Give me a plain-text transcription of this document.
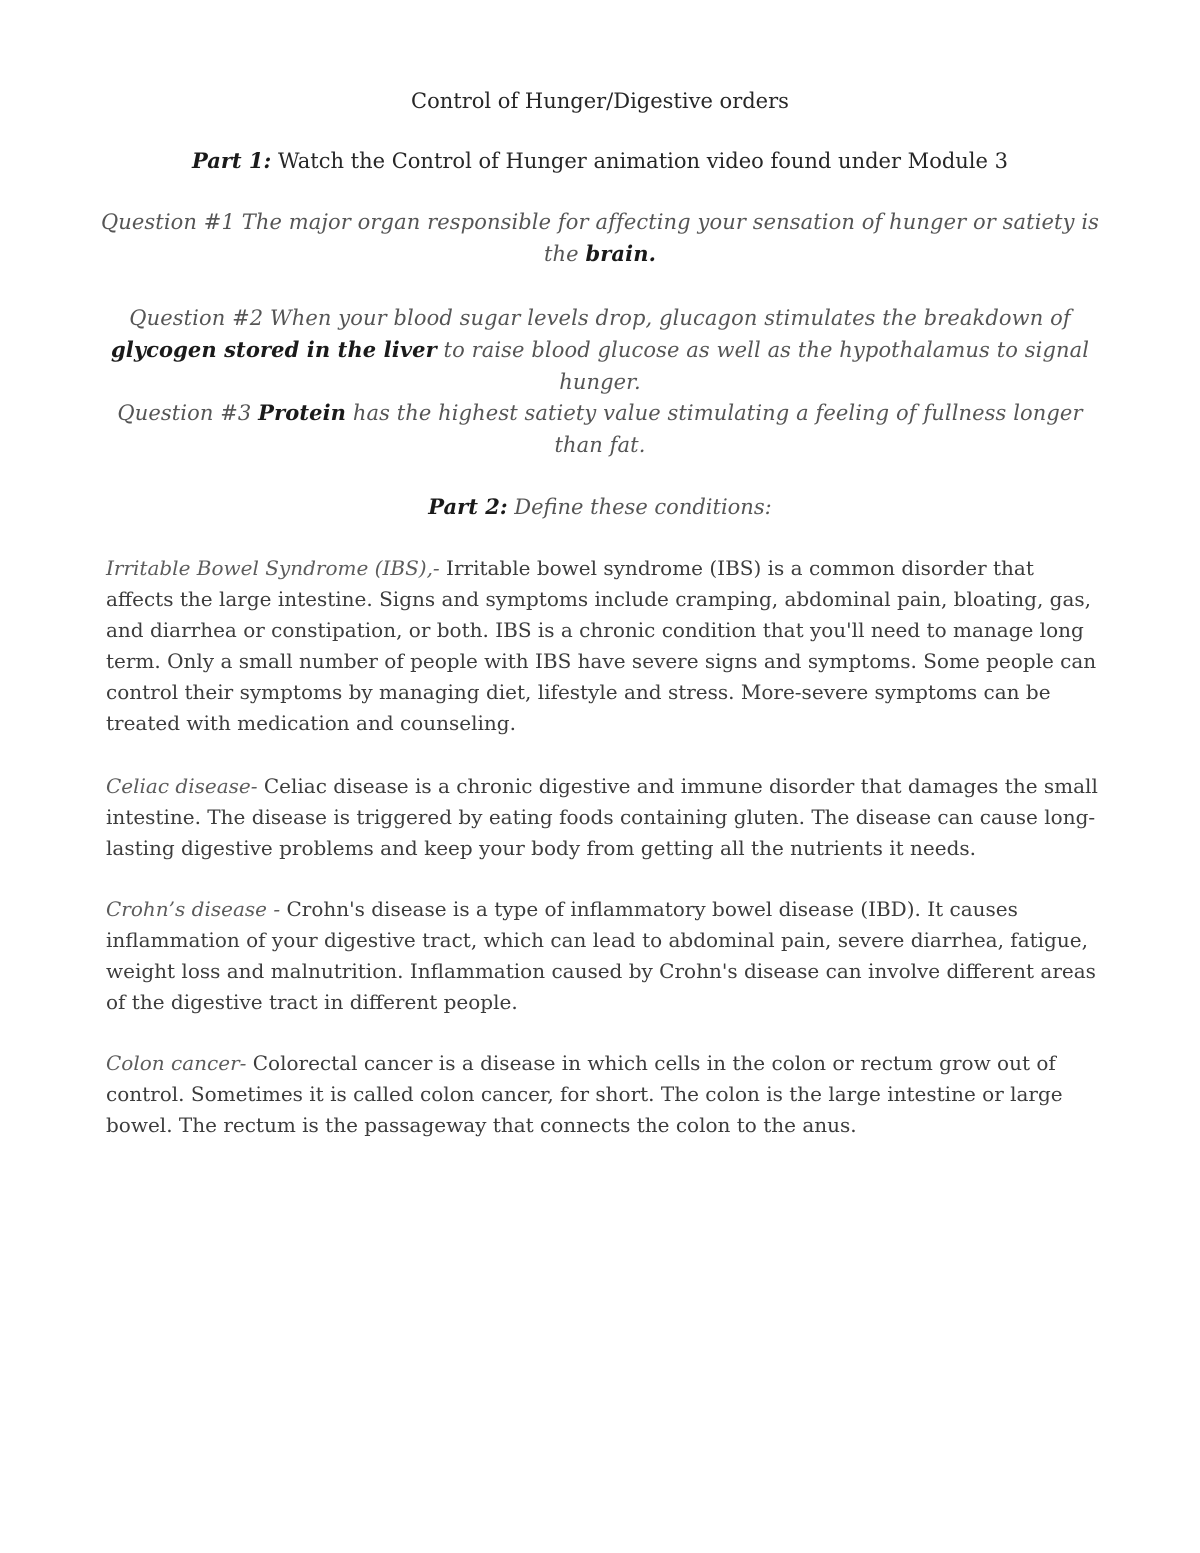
Control of Hunger/Digestive orders
Part 1: Watch the Control of Hunger animation video found under Module 3
Question #1 The major organ responsible for affecting your sensation of hunger or satiety is the brain.
Question #2 When your blood sugar levels drop, glucagon stimulates the breakdown of glycogen stored in the liver to raise blood glucose as well as the hypothalamus to signal hunger.
Question #3 Protein has the highest satiety value stimulating a feeling of fullness longer than fat.
Part 2: Define these conditions:
Irritable Bowel Syndrome (IBS),- Irritable bowel syndrome (IBS) is a common disorder that affects the large intestine. Signs and symptoms include cramping, abdominal pain, bloating, gas, and diarrhea or constipation, or both. IBS is a chronic condition that you'll need to manage long term. Only a small number of people with IBS have severe signs and symptoms. Some people can control their symptoms by managing diet, lifestyle and stress. More-severe symptoms can be treated with medication and counseling.
Celiac disease- Celiac disease is a chronic digestive and immune disorder that damages the small intestine. The disease is triggered by eating foods containing gluten. The disease can cause long-lasting digestive problems and keep your body from getting all the nutrients it needs.
Crohn’s disease - Crohn's disease is a type of inflammatory bowel disease (IBD). It causes inflammation of your digestive tract, which can lead to abdominal pain, severe diarrhea, fatigue, weight loss and malnutrition. Inflammation caused by Crohn's disease can involve different areas of the digestive tract in different people.
Colon cancer- Colorectal cancer is a disease in which cells in the colon or rectum grow out of control. Sometimes it is called colon cancer, for short. The colon is the large intestine or large bowel. The rectum is the passageway that connects the colon to the anus.
